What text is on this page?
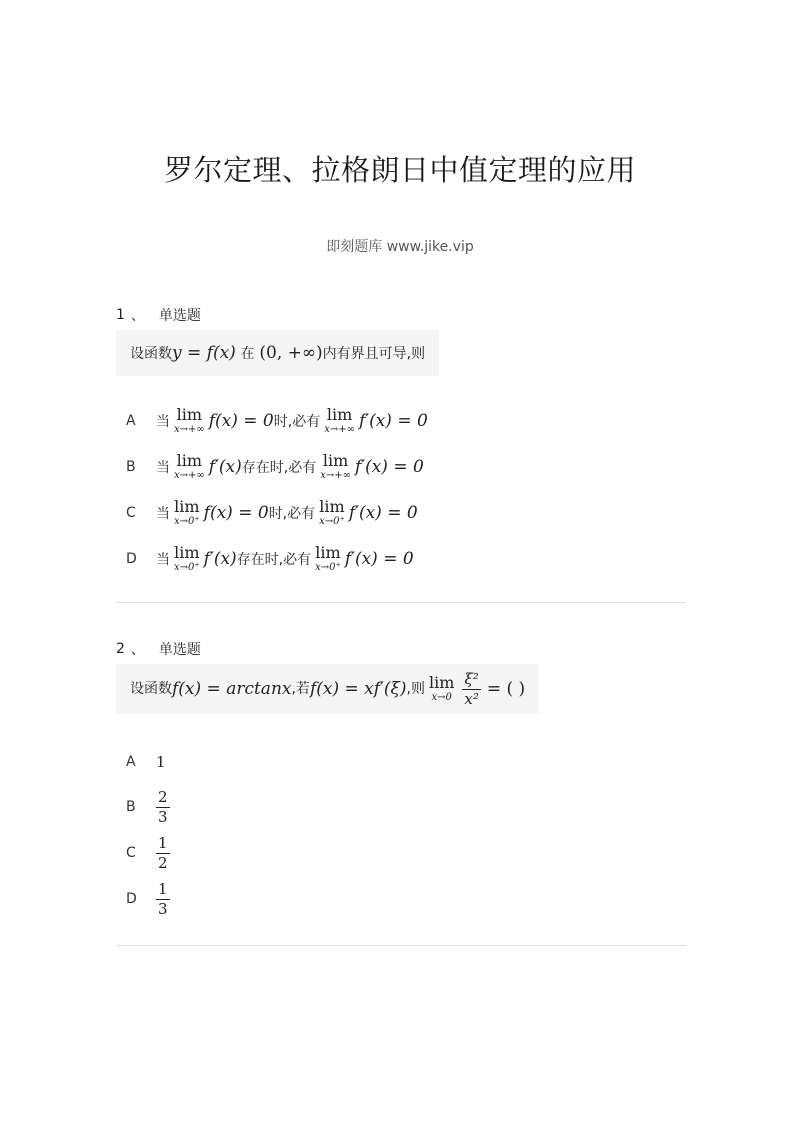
罗尔定理、拉格朗日中值定理的应用
即刻题库 www.jike.vip
1 、 单选题
设函数y = f(x) 在 (0, +∞)内有界且可导,则
A	当 lim
x→+∞ f(x) = 0 时,必有 lim
x→+∞ f′(x) = 0
B	当 lim
x→+∞ f′(x) 存在时,必有 lim
x→+∞ f′(x) = 0
C	当 lim
x→0⁺ f(x) = 0 时,必有 lim
x→0⁺ f′(x) = 0
D	当 lim
x→0⁺ f′(x) 存在时,必有 lim
x→0⁺ f′(x) = 0
2 、 单选题
设函数 f(x) = arctanx ,若 f(x) = xf′(ξ) ,则 lim
$x\to 0 \frac{\text{ξ²}}{\text{x²}}$ = ( )
A	1
B	$\frac{2}{3}$
C	$\frac{1}{2}$
D	$\frac{1}{3}$
